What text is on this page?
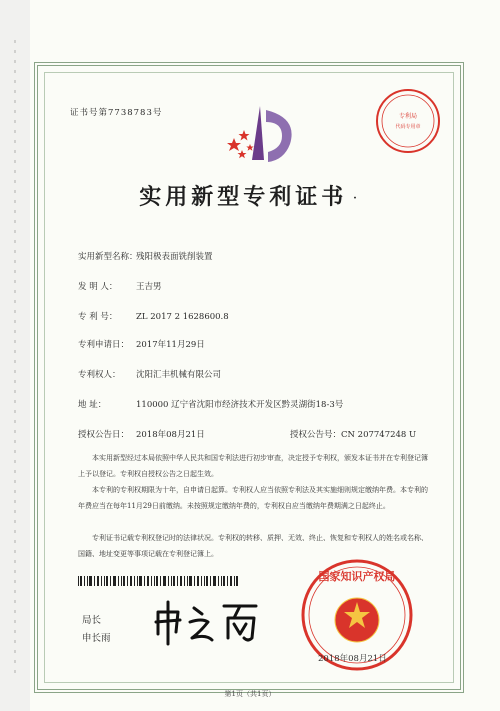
证书号第7738783号	专利局
代码专用章
实用新型专利证书 ·
实用新型名称：残阳极表面铣削装置
发 明 人： 王吉男
专 利 号： ZL 2017 2 1628600.8
专利申请日： 2017年11月29日
专利权人： 沈阳汇丰机械有限公司
地 址：	110000 辽宁省沈阳市经济技术开发区黔灵湖街18-3号
授权公告日： 2018年08月21日	授权公告号：CN 207747248 U
本实用新型经过本局依照中华人民共和国专利法进行初步审查，决定授予专利权，颁发本证书并在专利登记簿上予以登记。专利权自授权公告之日起生效。
本专利的专利权期限为十年，自申请日起算。专利权人应当依照专利法及其实施细则规定缴纳年费。本专利的年费应当在每年11月29日前缴纳。未按照规定缴纳年费的，专利权自应当缴纳年费期满之日起终止。
专利证书记载专利权登记时的法律状况。专利权的转移、质押、无效、终止、恢复和专利权人的姓名或名称、国籍、地址变更等事项记载在专利登记簿上。
局长
申长雨
国家知识产权局
2018年08月21日
第1页（共1页）
